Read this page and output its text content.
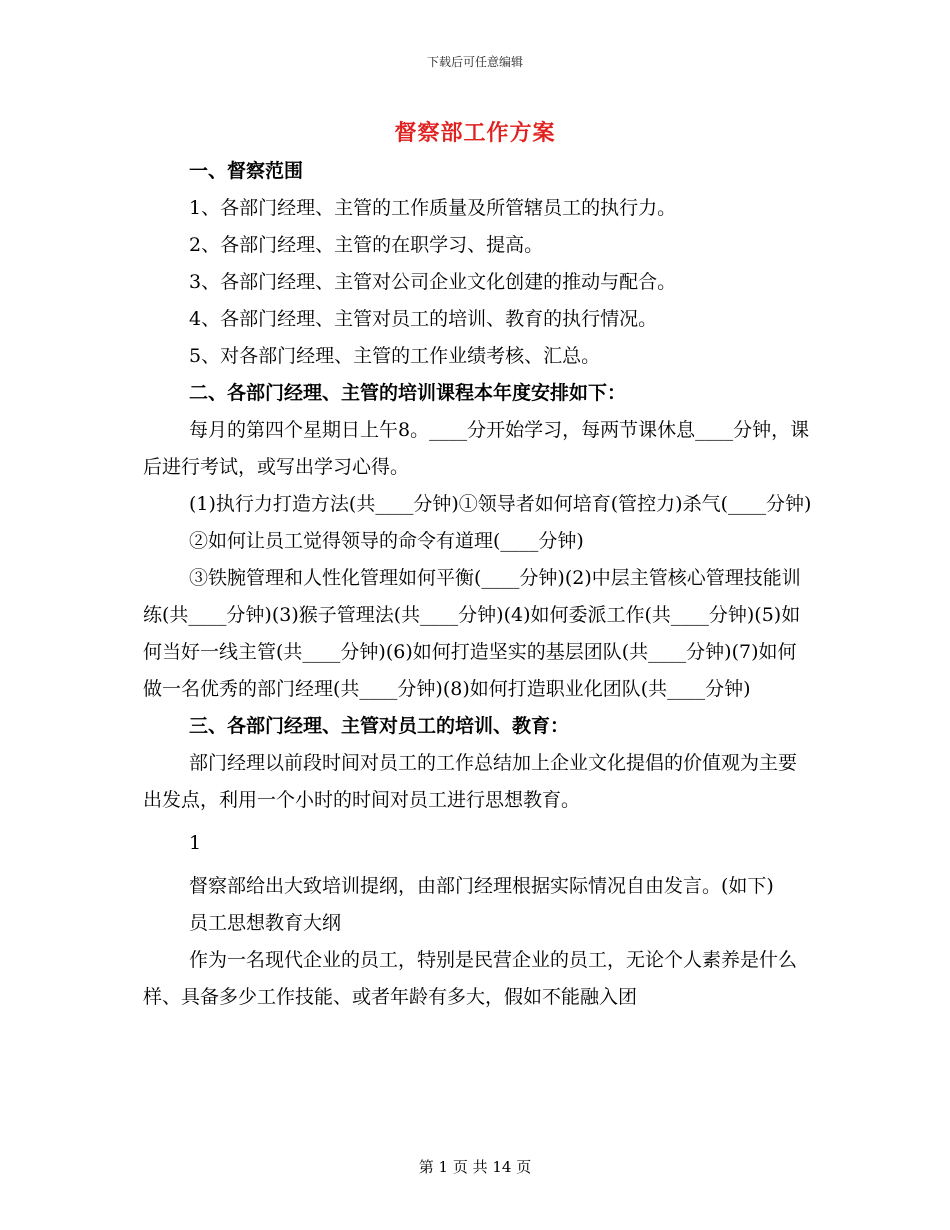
下载后可任意编辑
督察部工作方案

一、督察范围

1、各部门经理、主管的工作质量及所管辖员工的执行力。

2、各部门经理、主管的在职学习、提高。

3、各部门经理、主管对公司企业文化创建的推动与配合。

4、各部门经理、主管对员工的培训、教育的执行情况。

5、对各部门经理、主管的工作业绩考核、汇总。

二、各部门经理、主管的培训课程本年度安排如下：

每月的第四个星期日上午8。____分开始学习，每两节课休息____分钟，课后进行考试，或写出学习心得。

(1)执行力打造方法(共____分钟)①领导者如何培育(管控力)杀气(____分钟)

②如何让员工觉得领导的命令有道理(____分钟)

③铁腕管理和人性化管理如何平衡(____分钟)(2)中层主管核心管理技能训练(共____分钟)(3)猴子管理法(共____分钟)(4)如何委派工作(共____分钟)(5)如何当好一线主管(共____分钟)(6)如何打造坚实的基层团队(共____分钟)(7)如何做一名优秀的部门经理(共____分钟)(8)如何打造职业化团队(共____分钟)

三、各部门经理、主管对员工的培训、教育：

部门经理以前段时间对员工的工作总结加上企业文化提倡的价值观为主要出发点，利用一个小时的时间对员工进行思想教育。

1

督察部给出大致培训提纲，由部门经理根据实际情况自由发言。(如下)

员工思想教育大纲

作为一名现代企业的员工，特别是民营企业的员工，无论个人素养是什么样、具备多少工作技能、或者年龄有多大，假如不能融入团

第 1 页 共 14 页
